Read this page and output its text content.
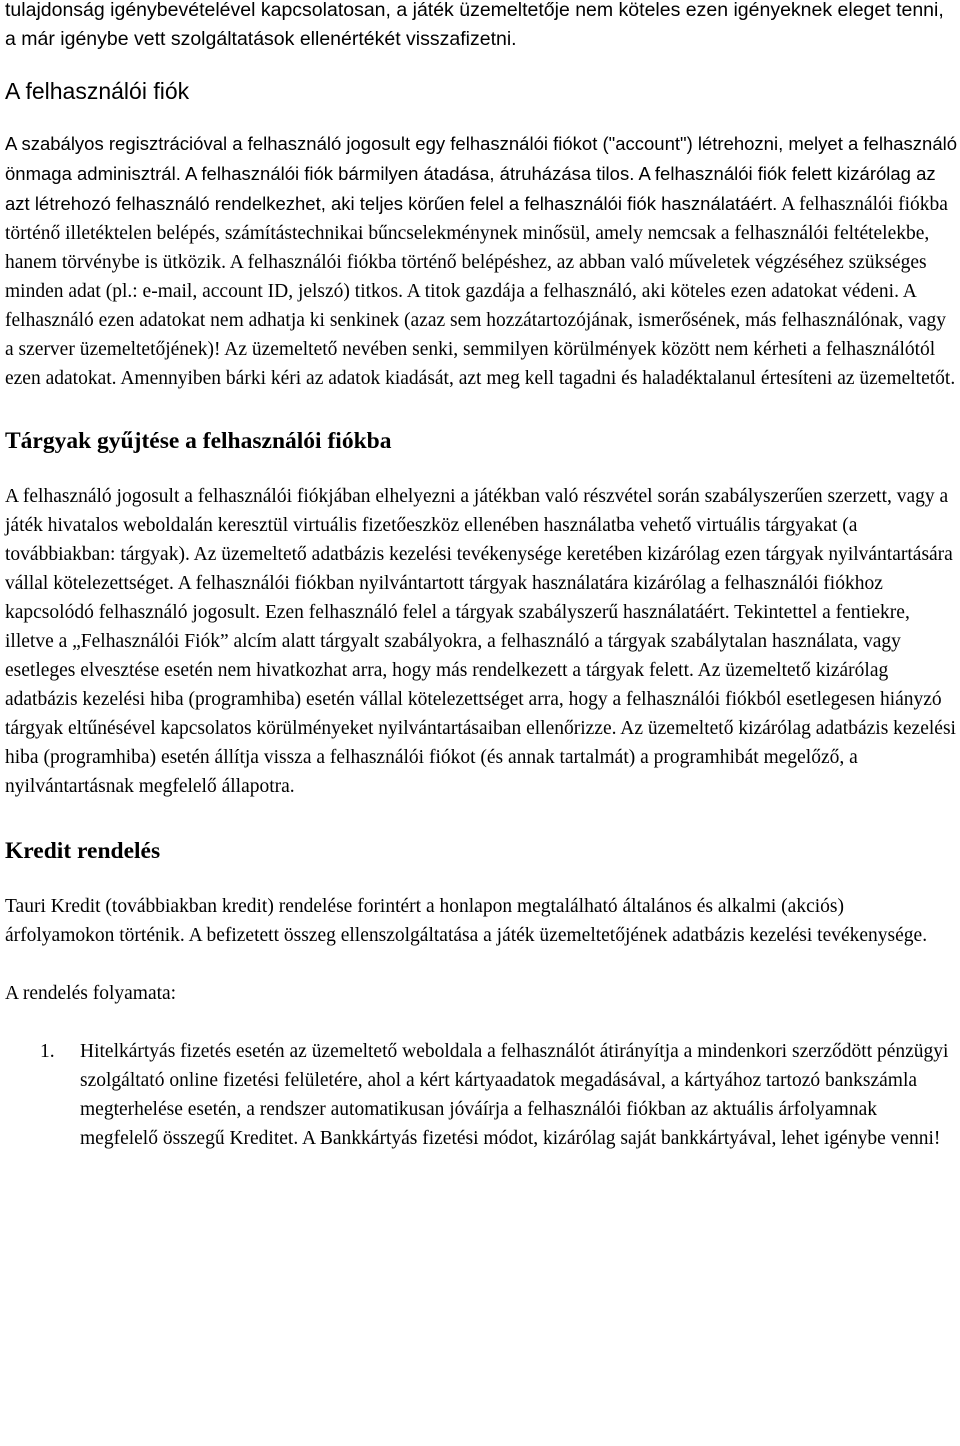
tulajdonság igénybevételével kapcsolatosan, a játék üzemeltetője nem köteles ezen igényeknek eleget tenni, a már igénybe vett szolgáltatások ellenértékét visszafizetni.

A felhasználói fiók

A szabályos regisztrációval a felhasználó jogosult egy felhasználói fiókot ("account") létrehozni, melyet a felhasználó önmaga adminisztrál. A felhasználói fiók bármilyen átadása, átruházása tilos. A felhasználói fiók felett kizárólag az azt létrehozó felhasználó rendelkezhet, aki teljes körűen felel a felhasználói fiók használatáért. A felhasználói fiókba történő illetéktelen belépés, számítástechnikai bűncselekménynek minősül, amely nemcsak a felhasználói feltételekbe, hanem törvénybe is ütközik. A felhasználói fiókba történő belépéshez, az abban való műveletek végzéséhez szükséges minden adat (pl.: e-mail, account ID, jelszó) titkos. A titok gazdája a felhasználó, aki köteles ezen adatokat védeni. A felhasználó ezen adatokat nem adhatja ki senkinek (azaz sem hozzátartozójának, ismerősének, más felhasználónak, vagy a szerver üzemeltetőjének)! Az üzemeltető nevében senki, semmilyen körülmények között nem kérheti a felhasználótól ezen adatokat. Amennyiben bárki kéri az adatok kiadását, azt meg kell tagadni és haladéktalanul értesíteni az üzemeltetőt.

Tárgyak gyűjtése a felhasználói fiókba

A felhasználó jogosult a felhasználói fiókjában elhelyezni a játékban való részvétel során szabályszerűen szerzett, vagy a játék hivatalos weboldalán keresztül virtuális fizetőeszköz ellenében használatba vehető virtuális tárgyakat (a továbbiakban: tárgyak). Az üzemeltető adatbázis kezelési tevékenysége keretében kizárólag ezen tárgyak nyilvántartására vállal kötelezettséget. A felhasználói fiókban nyilvántartott tárgyak használatára kizárólag a felhasználói fiókhoz kapcsolódó felhasználó jogosult. Ezen felhasználó felel a tárgyak szabályszerű használatáért. Tekintettel a fentiekre, illetve a „Felhasználói Fiók” alcím alatt tárgyalt szabályokra, a felhasználó a tárgyak szabálytalan használata, vagy esetleges elvesztése esetén nem hivatkozhat arra, hogy más rendelkezett a tárgyak felett. Az üzemeltető kizárólag adatbázis kezelési hiba (programhiba) esetén vállal kötelezettséget arra, hogy a felhasználói fiókból esetlegesen hiányzó tárgyak eltűnésével kapcsolatos körülményeket nyilvántartásaiban ellenőrizze. Az üzemeltető kizárólag adatbázis kezelési hiba (programhiba) esetén állítja vissza a felhasználói fiókot (és annak tartalmát) a programhibát megelőző, a nyilvántartásnak megfelelő állapotra.

Kredit rendelés

Tauri Kredit (továbbiakban kredit) rendelése forintért a honlapon megtalálható általános és alkalmi (akciós) árfolyamokon történik. A befizetett összeg ellenszolgáltatása a játék üzemeltetőjének adatbázis kezelési tevékenysége.

A rendelés folyamata:

1. Hitelkártyás fizetés esetén az üzemeltető weboldala a felhasználót átirányítja a mindenkori szerződött pénzügyi szolgáltató online fizetési felületére, ahol a kért kártyaadatok megadásával, a kártyához tartozó bankszámla megterhelése esetén, a rendszer automatikusan jóváírja a felhasználói fiókban az aktuális árfolyamnak megfelelő összegű Kreditet. A Bankkártyás fizetési módot, kizárólag saját bankkártyával, lehet igénybe venni!
